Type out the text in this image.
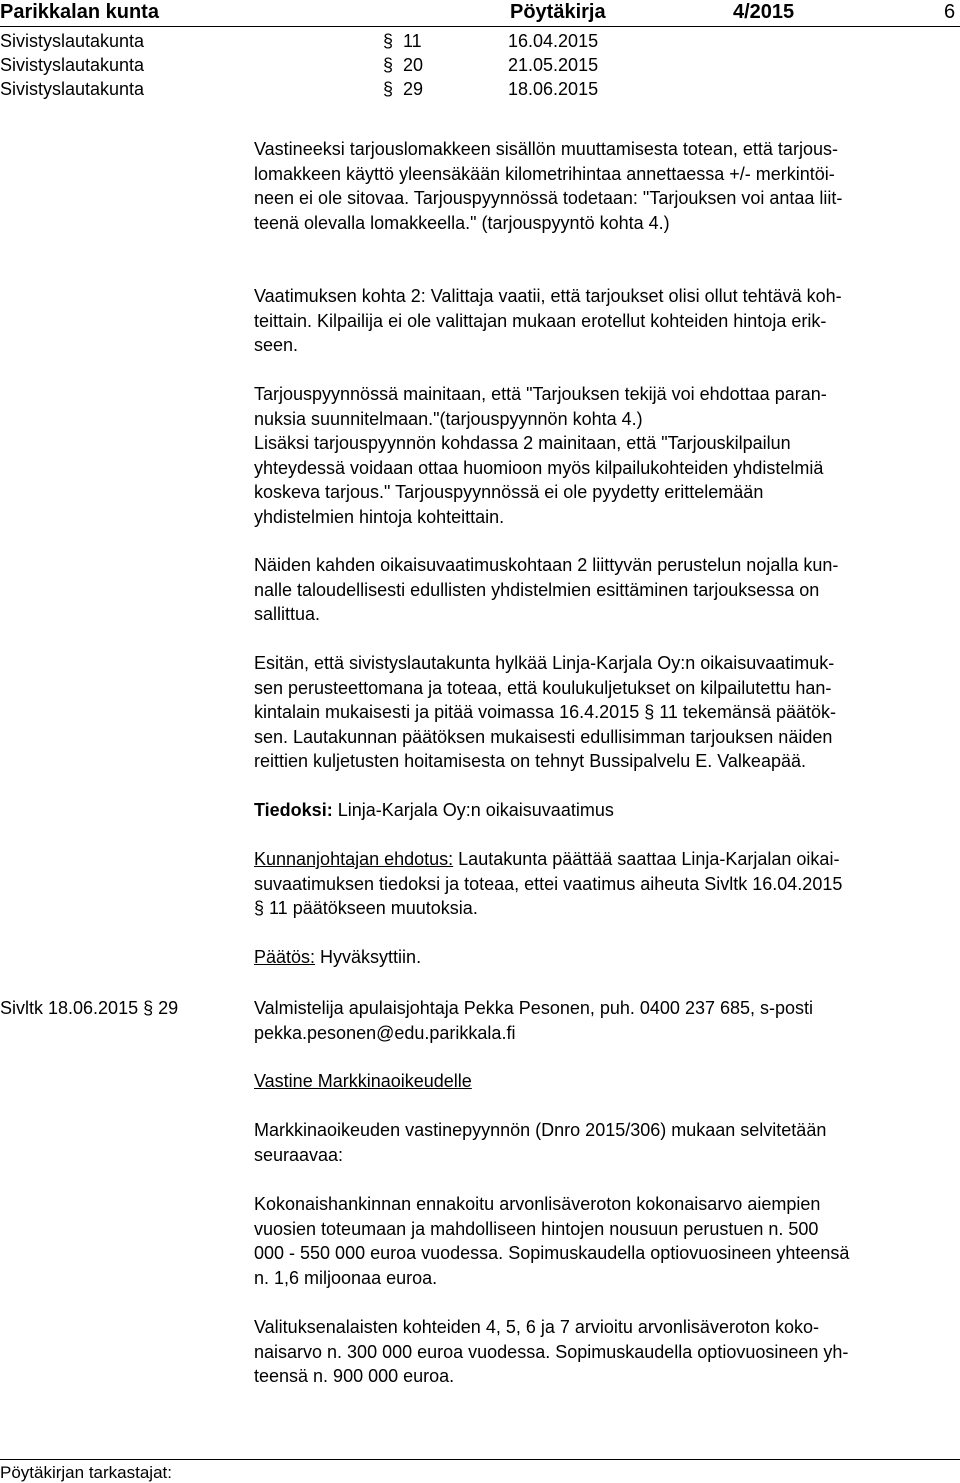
Parikkalan kunta	Pöytäkirja	4/2015	6
Sivistyslautakunta	§ 11	16.04.2015
Sivistyslautakunta	§ 20	21.05.2015
Sivistyslautakunta	§ 29	18.06.2015

Vastineeksi tarjouslomakkeen sisällön muuttamisesta totean, että tarjous-
lomakkeen käyttö yleensäkään kilometrihintaa annettaessa +/- merkintöi-
neen ei ole sitovaa. Tarjouspyynnössä todetaan: "Tarjouksen voi antaa liit-
teenä olevalla lomakkeella." (tarjouspyyntö kohta 4.)

Vaatimuksen kohta 2: Valittaja vaatii, että tarjoukset olisi ollut tehtävä koh-
teittain. Kilpailija ei ole valittajan mukaan erotellut kohteiden hintoja erik-
seen.

Tarjouspyynnössä mainitaan, että "Tarjouksen tekijä voi ehdottaa paran-
nuksia suunnitelmaan."(tarjouspyynnön kohta 4.)
Lisäksi tarjouspyynnön kohdassa 2 mainitaan, että "Tarjouskilpailun
yhteydessä voidaan ottaa huomioon myös kilpailukohteiden yhdistelmiä
koskeva tarjous." Tarjouspyynnössä ei ole pyydetty erittelemään
yhdistelmien hintoja kohteittain.

Näiden kahden oikaisuvaatimuskohtaan 2 liittyvän perustelun nojalla kun-
nalle taloudellisesti edullisten yhdistelmien esittäminen tarjouksessa on
sallittua.

Esitän, että sivistyslautakunta hylkää Linja-Karjala Oy:n oikaisuvaatimuk-
sen perusteettomana ja toteaa, että koulukuljetukset on kilpailutettu han-
kintalain mukaisesti ja pitää voimassa 16.4.2015 § 11 tekemänsä päätök-
sen. Lautakunnan päätöksen mukaisesti edullisimman tarjouksen näiden
reittien kuljetusten hoitamisesta on tehnyt Bussipalvelu E. Valkeapää.

Tiedoksi: Linja-Karjala Oy:n oikaisuvaatimus

Kunnanjohtajan ehdotus: Lautakunta päättää saattaa Linja-Karjalan oikai-
suvaatimuksen tiedoksi ja toteaa, ettei vaatimus aiheuta Sivltk 16.04.2015
§ 11 päätökseen muutoksia.

Päätös: Hyväksyttiin.

Sivltk 18.06.2015 § 29	Valmistelija apulaisjohtaja Pekka Pesonen, puh. 0400 237 685, s-posti
pekka.pesonen@edu.parikkala.fi

Vastine Markkinaoikeudelle

Markkinaoikeuden vastinepyynnön (Dnro 2015/306) mukaan selvitetään
seuraavaa:

Kokonaishankinnan ennakoitu arvonlisäveroton kokonaisarvo aiempien
vuosien toteumaan ja mahdolliseen hintojen nousuun perustuen n. 500
000 - 550 000 euroa vuodessa. Sopimuskaudella optiovuosineen yhteensä
n. 1,6 miljoonaa euroa.

Valituksenalaisten kohteiden 4, 5, 6 ja 7 arvioitu arvonlisäveroton koko-
naisarvo n. 300 000 euroa vuodessa. Sopimuskaudella optiovuosineen yh-
teensä n. 900 000 euroa.

Pöytäkirjan tarkastajat:
